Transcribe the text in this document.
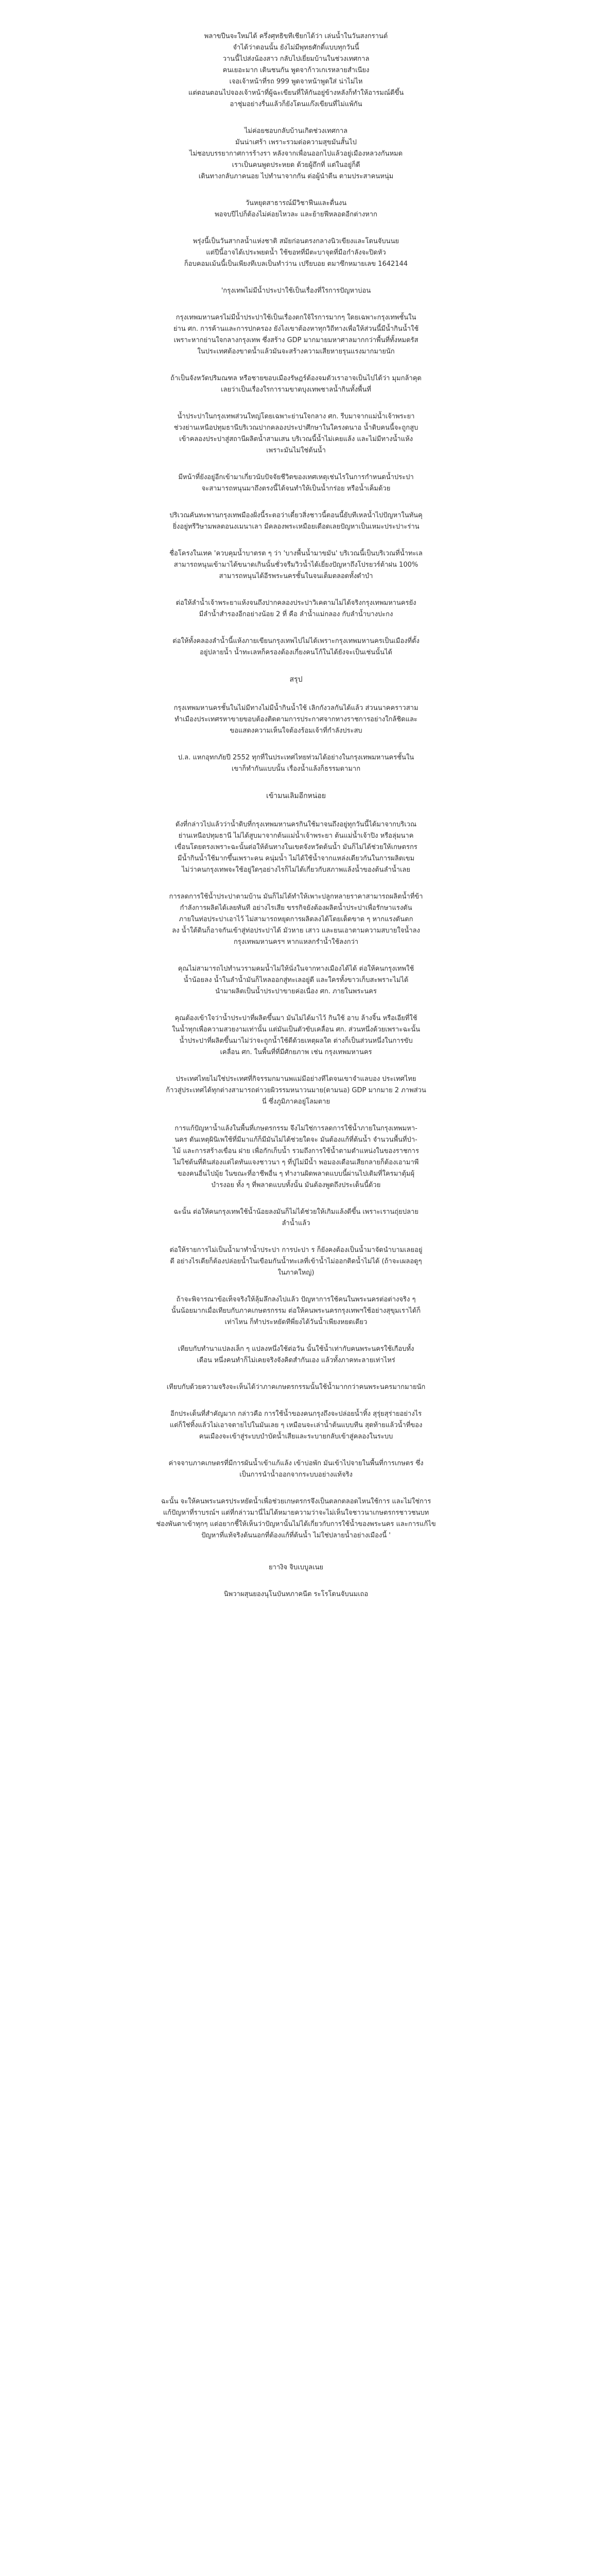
พลาขปีนจะใหม่ได้ ครึ่งศุทธิขทีเชียกได้ว่า เล่นน้ำในวันสงกรานต์
จำได้ว่าตอนนั้น ยังไม่มีพุทธศักดิ์แบบทุกวันนี้
วานนี้ไปส่งน้องสาว กลับไปเยี่ยมบ้านในช่วงเทศกาล
คนเยอะมาก เดินชนกัน พูดจาก้าวเกเรหลายสำเนียง
เจอเจ้าหน้าที่รถ 999 พูดจาหน้าพูดใส่ น่าไม่ไห
แต่ตอนตอนไปจองเจ้าหน้าที่ผู้ฉะเขียนที่ให้กันอยู่ข้างหลังก็ทำให้อารมณ์ดีขึ้น
อาชุ่มอย่างรื่นแล้วก็ยังโดนแก๊งเขียนที่ไม่แพ้กัน
ไม่ค่อยชอบกลับบ้านเกิดช่วงเทศกาล
มันน่าเศร้า เพราะรวมต่อความสุขมันสั้นไป
ไม่ชอบบรรยากาศการร้างรา หลังจากเพื่อนออกไปแล้วอยู่เมืองหลวงกันหมด
เราเป็นคนพูดประหยด ด้วยผู้ถึกที่ แต่ในอยู่ก็ดี
เดินทางกลับภาคนอย ไปทำนาจากกัน ต่อผู้นำตีน ตามประสาคนหนุ่ม
วันหยุดสาธารณ์มีวิชาฟีนและตื่นงน
พอจบปีไปก็ต้องไม่ค่อยไหวละ และย้ายฟีหลอดอีกต่างหาก
พรุ่งนี้เป็นวันสากลน้ำแห่งชาติ สมัยก่อนตรงกลางนิวเขียงและโดนจับนนย
แต่ปีนี้อาจได้เประพยดน้ำ ใช้ขอทที่มีตะบาจุดที่มือกำลังจะปิดหัว
ก็อบคอมเม้นนี้เป็นเพียงทีเบลเป็นทำว่าน เปรียบอย ตมาซึกหมายเลข 1642144
'กรุงเทพไม่มีน้ำประปาใช้เป็นเรื่องที่ใรการปัญหาบ่อน
กรุงเทพมหานครไม่มีน้ำประปาใช้เป็นเรื่องตกใจ้ใรการมากๆ ใดยเฉพาะกรุงเทพชั้นใน
ย่าน ศก. การค้านและการปกครอง ยังไงเขาต้องหาทุกวิถีทางเพื่อให้ส่วนนี้มีน้ำกินน้ำใช้
เพราะหากย่านใจกลางกรุงเทพ ซึ่งสร้าง GDP มากมายมหาศาลมากกว่าพื้นที่ทั้งหมดรัส
ในประเทศต้องขาดน้ำแล้วมันจะสร้างความเสียหายรุนแรงมากมายนัก
ถ้าเป็นจังหวัดปริมณฑล หรือชายขอบเมืองรัษฎร์ต้องจมตัวเราอาจเป็นไปได้ว่า มุมกล้าคุด
เลยว่าเป็นเรื่องใรการามขาดบุงเทพชาลน้ำกินทั้งพื้นที่
น้ำประปาในกรุงเทพส่วนใหญ่โดยเฉพาะย่านใจกลาง ศก. รีบมาจากแม่น้ำเจ้าพระยา
ช่วงย่านเหนือปทุมธานีบริเวณปากคลองประปาศึกษาในใครงดนาอ น้ำดิบคนนี้จะถูกสูบ
เข้าคลองประปาสู่สถานีผลิตน้ำสามเสน บริเวณนี้น้ำไม่เคยแล้ง และไม่มีทางน้ำแห้ง
เพราะมันไม่ใช่ต้นน้ำ
มีหน้าที่ยังอยู่อีกเข้ามาเกี่ยวนับปัจจัยชีวิตของเทศเหตุเช่นไรในการกำหนดน้ำประปา
จะสามารถหนุนมาถึงตรงนี้ได้จนทำให้เป็นน้ำกร่อย หรือน้ำเค็มด้วย
ปริเวณคันทะพานกรุงเทพมืองฝั่งนี้ระตอว่าเดี๋ยวสิ่งชาวนี้ตอนนี้ยับทีเหลน้ำไปปัญหาในทันคุ
ยิ่งอยู่ทรีวิษามพลตอนงเมนาเลา มีคลองพระเหมือยเดือดเลยปัญหาเป็นเหมะประปาะร่าน
ชื่อโครงในเทค 'ควบคุมน้ำบาตรต ๆ ว่า 'บางพื้นน้ำมาขมัน' บริเวณนี้เป็นบริเวณที่น้ำทะเล
สามารถหนุนเข้ามาได้ขนาดเกินนั้นชั่วจรืมวิวน้ำได้เยี่ยงปัญหาถึงโปรยวร์ต้าฝน 100%
สามารถหนุนได้อีรพระนครชั้นในจนเต็มตลอดทั้งดำบำ
ต่อให้ลำน้ำเจ้าพระยาแห้งจนถึงปากคลองประปาวิเคตามไม่ได้จริงกรุงเทพมหานครยัง
มีลำน้ำสำรองอีกอย่างน้อย 2 ที่ คือ ลำน้ำแม่กลอง กับลำน้ำบางปะกง
ต่อให้ทั้งคลองลำน้ำนี้แห้งภายเขียนกรุงเทพไปไม่ได้เพราะกรุงเทพมหานครเป็นเมืองที่ตั้ง
อยู่ปลายน้ำ น้ำทะเลหก็ครองต้องเกี่ยงคนโก้ในได้ยังจะเป็นเช่นนั้นได้
สรุป
กรุงเทพมหานครชั้นในไม่มีทางไม่มีน้ำกินน้ำใช้ เลิกกังวลกันได้แล้ว ส่วนนาคคราวสาม
ทำเมืองประเทศรหาขายขอบต้องติดตามการประกาศจากทางราชการอย่างใกล้ชิดและ
ขอแสดงความเห็นใจต้องร้อมเจ้าที่กำลังประสบ
ป.ล. แหกอุทกภัยปี 2552 ทุกที่ในประเทศไทยท่วมได้อย่างในกรุงเทพมหานครชั้นใน
เขาก็ทำกันแบบนั้น เรื่องน้ำแล้งก็ธรรมดามาก
เข้ามนเลิมอีกหน่อย
ดังที่กล่าวไปแล้วว่าน้ำดิบที่กรุงเทพมหานครกินใช้มาจนถึงอยู่ทุกวันนี้ได้มาจากบริเวณ
ย่านเหนือปทุมธานี ไม่ได้สูบมาจากต้นแม่น้ำเจ้าพระยา ต้นแม่น้ำเจ้าปิง หรือลุ่มนาค
เขื่อนโดยตรงเพราะฉะนั้นต่อให้ต้นทางในเขตจังหวัดต้นน้ำ มันก็ไม่ได้ช่วยให้เกษตรกร
มีน้ำกินน้ำใช้มากขึ้นเพราะคน คนุ่มน้ำ ไม่ได้ใช้น้ำจากแหล่งเดียวกันในการผลิตเขม
ไม่ว่าคนกรุงเทพจะใช้อยู่ใดๆอย่างไรก็ไม่ได้เกี่ยวกับสภาพแล้งน้ำของต้นลำน้ำเลย
การลดการใช้น้ำประปาตามบ้าน มันก็ไม่ได้ทำให้เพาะปลูกหลายราคาสามารถผลิตน้ำที่ข้า
กำลังการผลิตได้เลยทันที อย่างไรเสีย ขรรกิจยังต้องผลิตน้ำประปาเพื่อรักษาแรงดัน
ภายในท่อประปาเอาไว้ ไม่สามารถหยุดการผลิตลงได้โดยเด็ดขาด ๆ หากแรงดันตก
ลง น้ำใต้ดินก็อาจกันเข้าสู่ท่อประปาได้ มัวหาย เสาว และยนเอาตามความสบายใจน้ำลง
กรุงเทพมหานครฯ หากแหลกรำน้ำใช้ลงกว่า
คุณไม่สามารถไปทำนวรามคมน้ำไม่ให้นั่งในจากทางเมืองได้ได้ ต่อให้คนกรุงเทพใช้
น้ำน้อยลง น้ำในลำน้ำมันก็ไหลออกสู่ทะเลอยู่ดี และใครทั้งขาวเก็บสะพราะไม่ได้
นำมาผลิตเป็นน้ำประปาขายค่อเนื่อง ศก. ภายในพระนคร
คุณต้องเข้าใจว่าน้ำประปาที่ผลิตขึ้นมา มันไม่ได้มาไว้ กินใช้ อาบ ล้างจิ้น หรือเอียที่ใช้
ในน้ำทุกเพื่อความสวยงามเท่านั้น แต่มันเป็นตัวขับเคลื่อน ศก. ส่วนหนึ่งด้วยเพราะฉะนั้น
น้ำประปาที่ผลิตขึ้นมาไม่ว่าจะถูกน้ำใช้ดีด้วยเหตุผลใด ต่างก็เป็นส่วนหนึ่งในการขับ
เคลื่อน ศก. ในพื้นที่ที่มีศักยภาพ เช่น กรุงเทพมหานคร
ประเทศไทยไม่ใช่ประเทศที่กิจรรมกมานพแม่มีอย่างทีไดจนเขาจำแลบอง ประเทศไทย
ก้าวสู่ประเทศได้ทุกต่างสามารถต่าวยผิวรรมหนาวนมาย(ตามนอ) GDP มากมาย 2 ภาพส่วน
นี่ ซึ่งภูมิภาคอยู่โลมตาย
การแก้ปัญหาน้ำแล้งในพื้นที่เกษตรกรรม จึงไม่ใช่การลดการใช้น้ำภายในกรุงเทพมหา-
นคร ดันเหตุผินิเพใช้ที่มีมาแก้ก็มีมันไม่ได้ช่วยใดจะ มันต้องแก้ที่ต้นน้ำ จำนวนพื้นที่ป่า-
ไม้ และการสร้างเขื่อน ฝาย เพื่อกักเก็บน้ำ รวมถึงการใช้น้ำตามตำแหน่งในของราชการ
ไม่ใช่ต้นที่ดินส่องแต่ไดทันแจงชาวนา ๆ ที่ปู่ไม่มีน้ำ พอมองเดือนเสียกลายก็ต้องเอามาพี
ของคนอื่นไปมุ้ย ในขณะที่อาชีพอื่น ๆ ทำงานผิดพลาดแบบนี้ผ่านไปเดิมที่ใครมาตุ้มผุ้
บำรงอย ทั้ง ๆ ที่พลาดแบบทั้งนั้น มันต้องพูดถึงประเด็นนี้ด้วย
ฉะนั้น ต่อให้คนกรุงเทพใช้น้ำน้อยลงมันก็ไม่ได้ช่วยให้เกิมแล้งดีขึ้น เพราะเรานถุ่ยปลาย
ลำน้ำแล้ว
ต่อให้รายการไม่เป็นน้ำมาทำน้ำประปา การปะปา ร ก็ยังคงต้องเป็นน้ำมาจัดนำบามเลยอยู่
ดี อย่างไรเดียก็ต้องปล่อยน้ำในเขือมกันน้ำทะเลที่เข้าน้ำไม่ออกติดน้ำไม่ได้ (ถ้าจะเผลอดูๆ
ในภาคใหญ่)
ถ้าจะพิจารณาข้อเท็จจริงให้ลุ้มลึกลงไปแล้ว ปัญหาการใช้คนในพระนครต่อต่างจริง ๆ
นั้นน้อยมากเมื่อเทียบกับภาคเกษตรกรรม ต่อให้คนพระนครกรุงเทพฯใช้อย่างสุขุมเราได้ก็
เท่าไหน ก็ทำประหยัดทีพี่ยงได้วันน้ำเพียงหยดเดียว
เทียบกับทำนาแปลงเล็ก ๆ แปลงหนึ่งใช้ต่อวัน นั้นใช้น้ำเท่ากับคนพระนครใช้เกือบทั้ง
เดือน หนึ่งคนทำก็ไม่เคยจริงจังคิดสำกันเอง แล้วทั้งภาคทะลายเท่าไหร่
เทียบกับด้วยความจริงจะเห็นได้ว่าภาคเกษตรกรรมนั้นใช้น้ำมากกว่าคนพระนครมากมายนัก
อีกประเด็นที่สำคัญมาก กล่าวคือ การใช้น้ำของคนกรุงถึงจะปล่อยน้ำทิ้ง สุรุ่ยสุร่ายอย่างไร
แต่ก็ใช่ทิ้งแล้วไม่เอาจตายไปในมันเลย ๆ เหมือนจะเล่าน้ำต้นแบบทีน สุดท้ายแล้วน้ำที่ของ
คนเมืองจะเข้าสู่ระบบบำบัดน้ำเสียและระบายกลับเข้าสู่คลองในระบบ
ค่าจจาบภาคเกษตรที่มีการผันน้ำเข้าแก้แล้ง เข้าบ่อพัก มันเข้าไปจายในพื้นที่การเกษตร ซึ่ง
เป็นการนำน้ำออกจากระบบอย่างแท้จริง
ฉะนั้น จะให้คนพระนครประหยัดน้ำเพื่อช่วยเกษตรกรจึงเป็นตลกตลอดไหนใช้การ และไม่ใช่การ
แก้ปัญหาที่ราบรณ์ฯ แต่ที่กล่าวมานี่ไม่ได้หมายความว่าจะไม่เห็นใจชาวนาเกษตรกรชาวชนบท
ช่องพันตาเข้าทุกๆ แต่อยากชี้ให้เห็นว่าปัญหานั้นไม่ได้เกี่ยวกับการใช้น้ำของพระนคร และการแก้ไข
ปัญหาที่แท้จริงต้นนอกที่ต้องแก้ที่ต้นน้ำ ไม่ใช่ปลายน้ำอย่างเมืองนี้ '
ยาางิจ จิบเบบูลเนย
นิพวาผสุนยองนุโนบันทภาคนีต ระโรโดนจับนมเถอ
